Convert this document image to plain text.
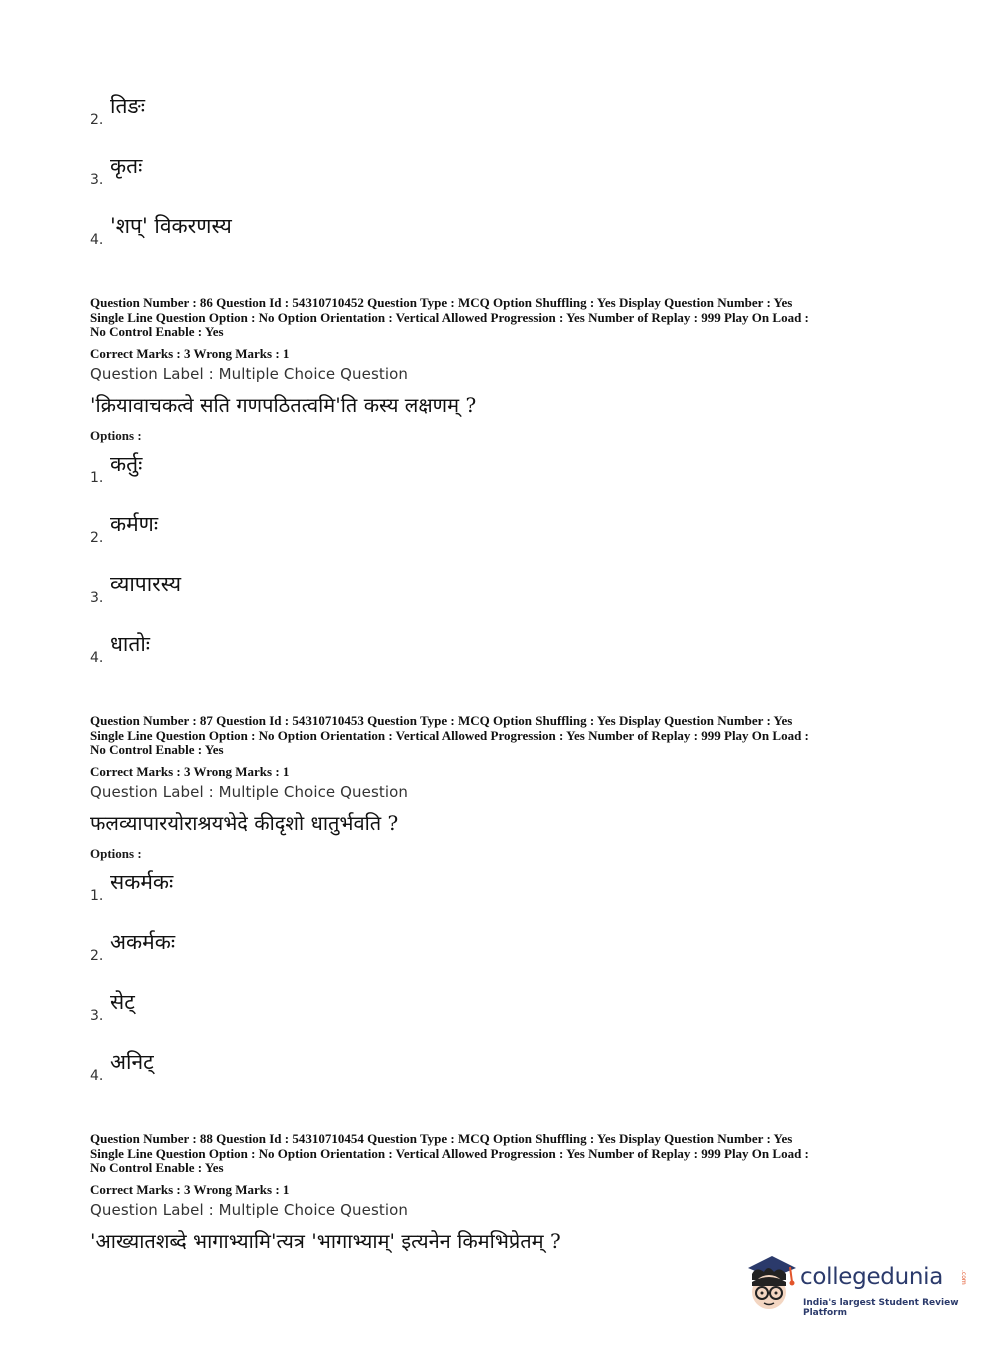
2.
तिङः
3.
कृतः
4.
'शप्' विकरणस्य
Question Number : 86 Question Id : 54310710452 Question Type : MCQ Option Shuffling : Yes Display Question Number : Yes
Single Line Question Option : No Option Orientation : Vertical Allowed Progression : Yes Number of Replay : 999 Play On Load :
No Control Enable : Yes
Correct Marks : 3 Wrong Marks : 1
Question Label : Multiple Choice Question
'क्रियावाचकत्वे सति गणपठितत्वमि'ति कस्य लक्षणम् ?
Options :
1.
कर्तुः
2.
कर्मणः
3.
व्यापारस्य
4.
धातोः
Question Number : 87 Question Id : 54310710453 Question Type : MCQ Option Shuffling : Yes Display Question Number : Yes
Single Line Question Option : No Option Orientation : Vertical Allowed Progression : Yes Number of Replay : 999 Play On Load :
No Control Enable : Yes
Correct Marks : 3 Wrong Marks : 1
Question Label : Multiple Choice Question
फलव्यापारयोराश्रयभेदे कीदृशो धातुर्भवति ?
Options :
1.
सकर्मकः
2.
अकर्मकः
3.
सेट्
4.
अनिट्
Question Number : 88 Question Id : 54310710454 Question Type : MCQ Option Shuffling : Yes Display Question Number : Yes
Single Line Question Option : No Option Orientation : Vertical Allowed Progression : Yes Number of Replay : 999 Play On Load :
No Control Enable : Yes
Correct Marks : 3 Wrong Marks : 1
Question Label : Multiple Choice Question
'आख्यातशब्दे भागाभ्यामि'त्यत्र 'भागाभ्याम्' इत्यनेन किमभिप्रेतम् ?
collegedunia	.com
India's largest Student Review Platform
